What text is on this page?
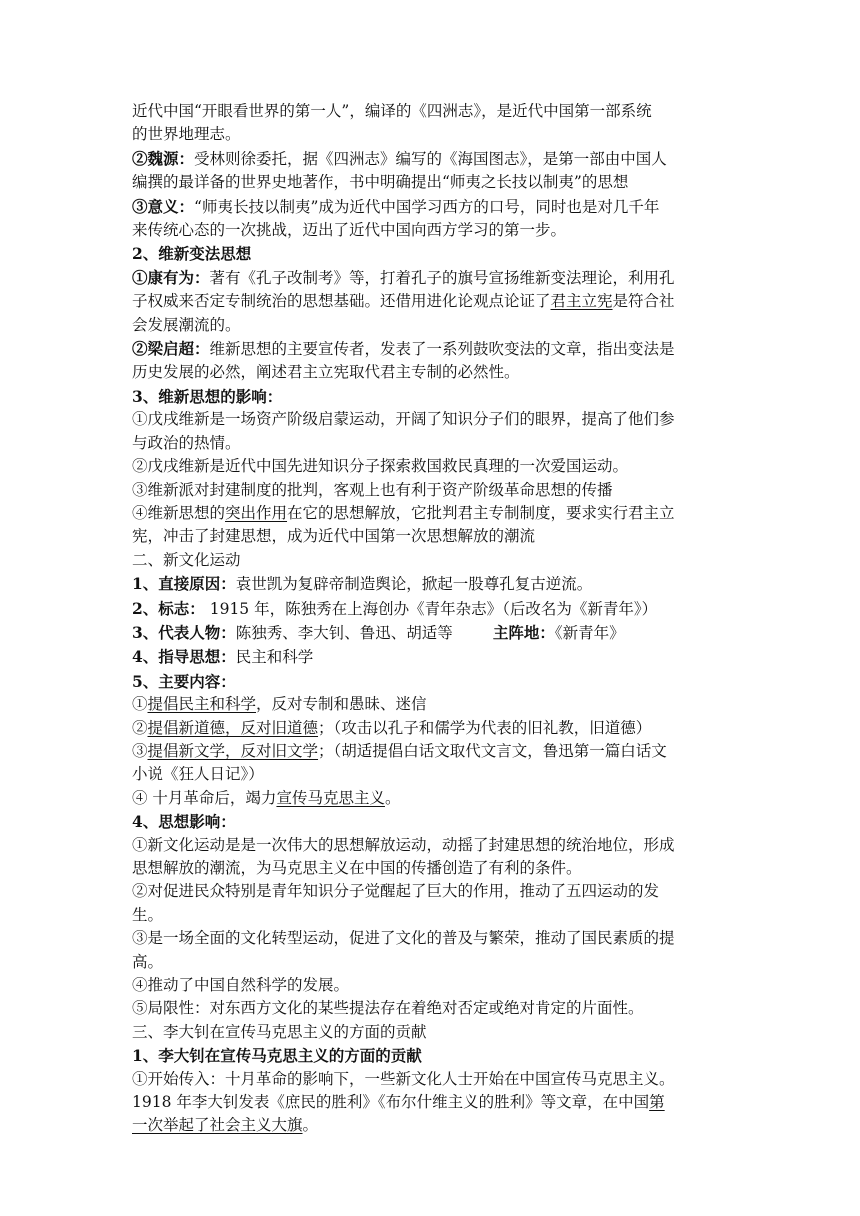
近代中国“开眼看世界的第一人”，编译的《四洲志》，是近代中国第一部系统

的世界地理志。

②魏源：受林则徐委托，据《四洲志》编写的《海国图志》，是第一部由中国人

编撰的最详备的世界史地著作，书中明确提出“师夷之长技以制夷”的思想

③意义：“师夷长技以制夷”成为近代中国学习西方的口号，同时也是对几千年

来传统心态的一次挑战，迈出了近代中国向西方学习的第一步。

2、维新变法思想

①康有为：著有《孔子改制考》等，打着孔子的旗号宣扬维新变法理论，利用孔

子权威来否定专制统治的思想基础。还借用进化论观点论证了君主立宪是符合社

会发展潮流的。

②梁启超：维新思想的主要宣传者，发表了一系列鼓吹变法的文章，指出变法是

历史发展的必然，阐述君主立宪取代君主专制的必然性。

3、维新思想的影响：

①戊戌维新是一场资产阶级启蒙运动，开阔了知识分子们的眼界，提高了他们参

与政治的热情。

②戊戌维新是近代中国先进知识分子探索救国救民真理的一次爱国运动。

③维新派对封建制度的批判，客观上也有利于资产阶级革命思想的传播

④维新思想的突出作用在它的思想解放，它批判君主专制制度，要求实行君主立

宪，冲击了封建思想，成为近代中国第一次思想解放的潮流

二、新文化运动

1、直接原因：袁世凯为复辟帝制造舆论，掀起一股尊孔复古逆流。

2、标志： 1915 年，陈独秀在上海创办《青年杂志》（后改名为《新青年》）

3、代表人物：陈独秀、李大钊、鲁迅、胡适等	主阵地：《新青年》

4、指导思想：民主和科学

5、主要内容：

①提倡民主和科学，反对专制和愚昧、迷信

②提倡新道德，反对旧道德；（攻击以孔子和儒学为代表的旧礼教，旧道德）

③提倡新文学，反对旧文学；（胡适提倡白话文取代文言文，鲁迅第一篇白话文

小说《狂人日记》）

④ 十月革命后，竭力宣传马克思主义。

4、思想影响：

①新文化运动是是一次伟大的思想解放运动，动摇了封建思想的统治地位，形成

思想解放的潮流，为马克思主义在中国的传播创造了有利的条件。

②对促进民众特别是青年知识分子觉醒起了巨大的作用，推动了五四运动的发

生。

③是一场全面的文化转型运动，促进了文化的普及与繁荣，推动了国民素质的提

高。

④推动了中国自然科学的发展。

⑤局限性：对东西方文化的某些提法存在着绝对否定或绝对肯定的片面性。

三、李大钊在宣传马克思主义的方面的贡献

1、李大钊在宣传马克思主义的方面的贡献

①开始传入：十月革命的影响下，一些新文化人士开始在中国宣传马克思主义。

1918 年李大钊发表《庶民的胜利》《布尔什维主义的胜利》等文章，在中国第

一次举起了社会主义大旗。
